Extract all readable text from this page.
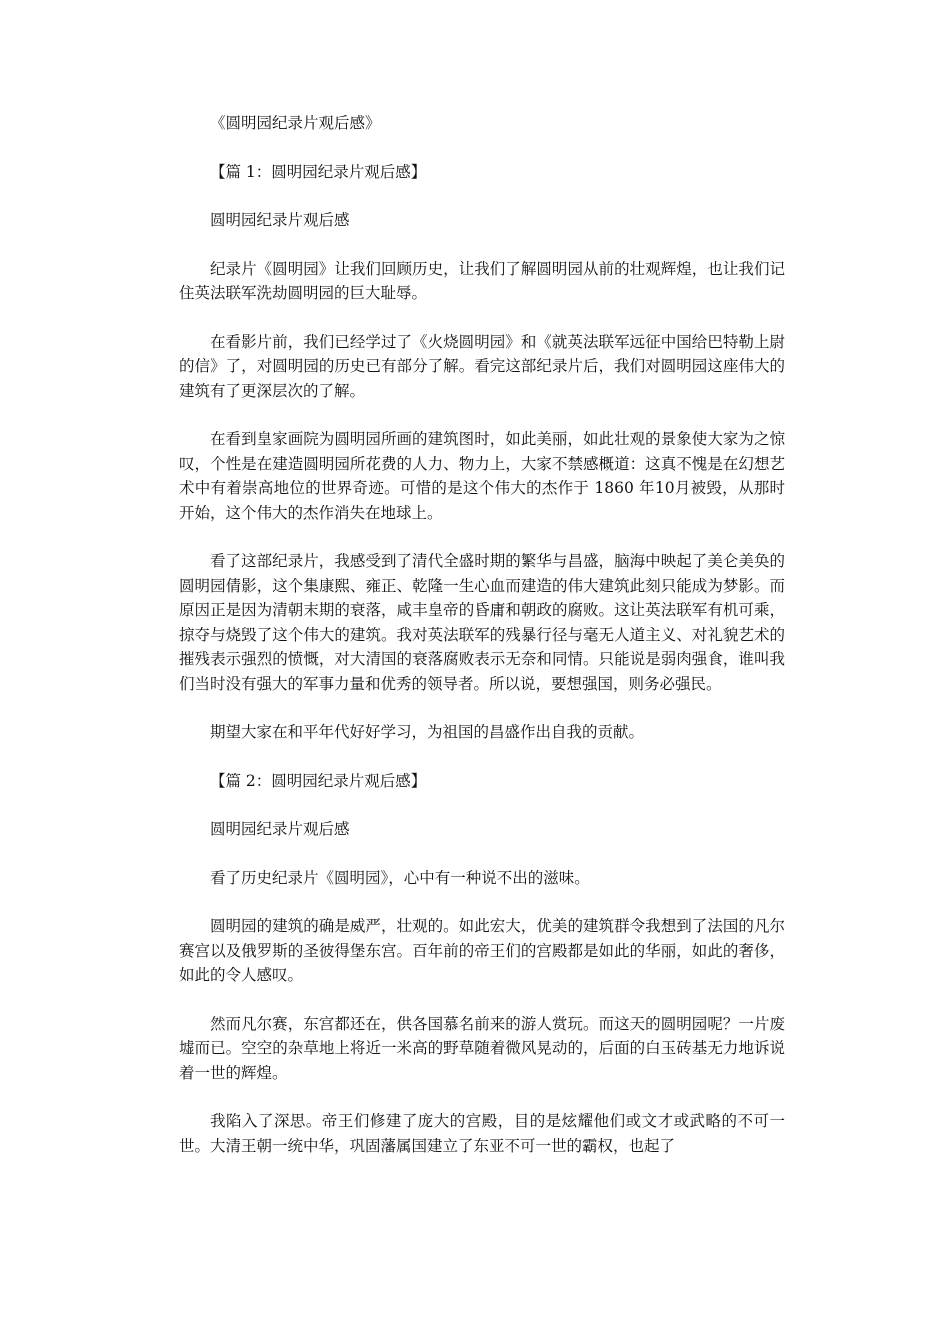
《圆明园纪录片观后感》
【篇 1：圆明园纪录片观后感】
圆明园纪录片观后感

纪录片《圆明园》让我们回顾历史，让我们了解圆明园从前的壮观辉煌，也让我们记住英法联军洗劫圆明园的巨大耻辱。

在看影片前，我们已经学过了《火烧圆明园》和《就英法联军远征中国给巴特勒上尉的信》了，对圆明园的历史已有部分了解。看完这部纪录片后，我们对圆明园这座伟大的建筑有了更深层次的了解。

在看到皇家画院为圆明园所画的建筑图时，如此美丽，如此壮观的景象使大家为之惊叹，个性是在建造圆明园所花费的人力、物力上，大家不禁感概道：这真不愧是在幻想艺术中有着崇高地位的世界奇迹。可惜的是这个伟大的杰作于 1860 年10月被毁，从那时开始，这个伟大的杰作消失在地球上。

看了这部纪录片，我感受到了清代全盛时期的繁华与昌盛，脑海中映起了美仑美奂的圆明园倩影，这个集康熙、雍正、乾隆一生心血而建造的伟大建筑此刻只能成为梦影。而原因正是因为清朝末期的衰落，咸丰皇帝的昏庸和朝政的腐败。这让英法联军有机可乘，掠夺与烧毁了这个伟大的建筑。我对英法联军的残暴行径与毫无人道主义、对礼貌艺术的摧残表示强烈的愤慨，对大清国的衰落腐败表示无奈和同情。只能说是弱肉强食，谁叫我们当时没有强大的军事力量和优秀的领导者。所以说，要想强国，则务必强民。

期望大家在和平年代好好学习，为祖国的昌盛作出自我的贡献。

【篇 2：圆明园纪录片观后感】
圆明园纪录片观后感

看了历史纪录片《圆明园》，心中有一种说不出的滋味。

圆明园的建筑的确是威严，壮观的。如此宏大，优美的建筑群令我想到了法国的凡尔赛宫以及俄罗斯的圣彼得堡东宫。百年前的帝王们的宫殿都是如此的华丽，如此的奢侈，如此的令人感叹。

然而凡尔赛，东宫都还在，供各国慕名前来的游人赏玩。而这天的圆明园呢？一片废墟而已。空空的杂草地上将近一米高的野草随着微风晃动的，后面的白玉砖基无力地诉说着一世的辉煌。

我陷入了深思。帝王们修建了庞大的宫殿，目的是炫耀他们或文才或武略的不可一世。大清王朝一统中华，巩固藩属国建立了东亚不可一世的霸权，也起了
